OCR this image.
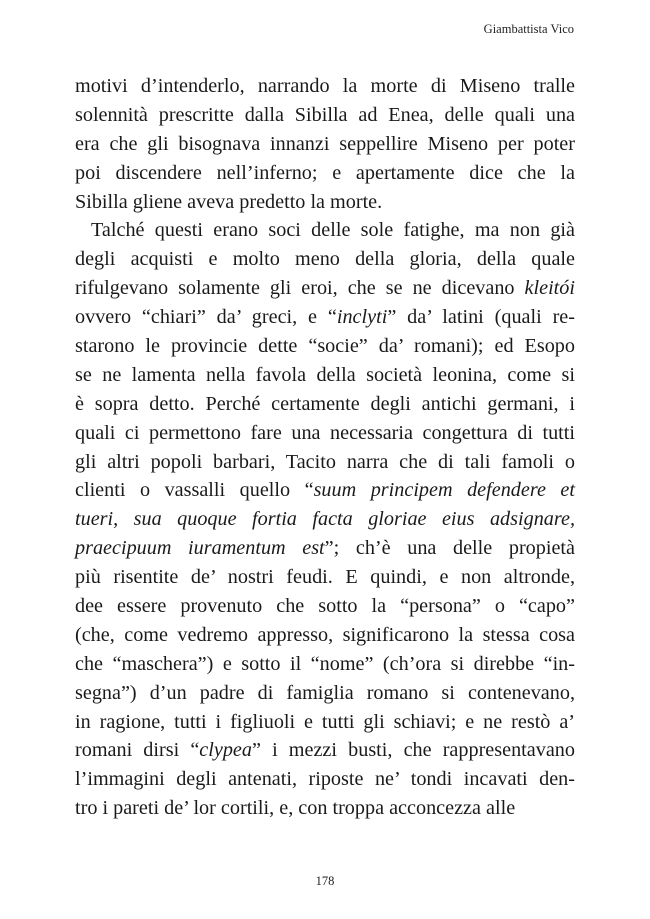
Giambattista Vico
motivi d’intenderlo, narrando la morte di Miseno tralle
solennità prescritte dalla Sibilla ad Enea, delle quali una
era che gli bisognava innanzi seppellire Miseno per poter
poi discendere nell’inferno; e apertamente dice che la
Sibilla gliene aveva predetto la morte.
Talché questi erano soci delle sole fatighe, ma non già
degli acquisti e molto meno della gloria, della quale
rifulgevano solamente gli eroi, che se ne dicevano kleitói
ovvero “chiari” da’ greci, e “inclyti” da’ latini (quali re-
starono le provincie dette “socie” da’ romani); ed Esopo
se ne lamenta nella favola della società leonina, come si
è sopra detto. Perché certamente degli antichi germani, i
quali ci permettono fare una necessaria congettura di tutti
gli altri popoli barbari, Tacito narra che di tali famoli o
clienti o vassalli quello “suum principem defendere et
tueri, sua quoque fortia facta gloriae eius adsignare,
praecipuum iuramentum est”; ch’è una delle propietà
più risentite de’ nostri feudi. E quindi, e non altronde,
dee essere provenuto che sotto la “persona” o “capo”
(che, come vedremo appresso, significarono la stessa cosa
che “maschera”) e sotto il “nome” (ch’ora si direbbe “in-
segna”) d’un padre di famiglia romano si contenevano,
in ragione, tutti i figliuoli e tutti gli schiavi; e ne restò a’
romani dirsi “clypea” i mezzi busti, che rappresentavano
l’immagini degli antenati, riposte ne’ tondi incavati den-
tro i pareti de’ lor cortili, e, con troppa acconcezza alle
178
